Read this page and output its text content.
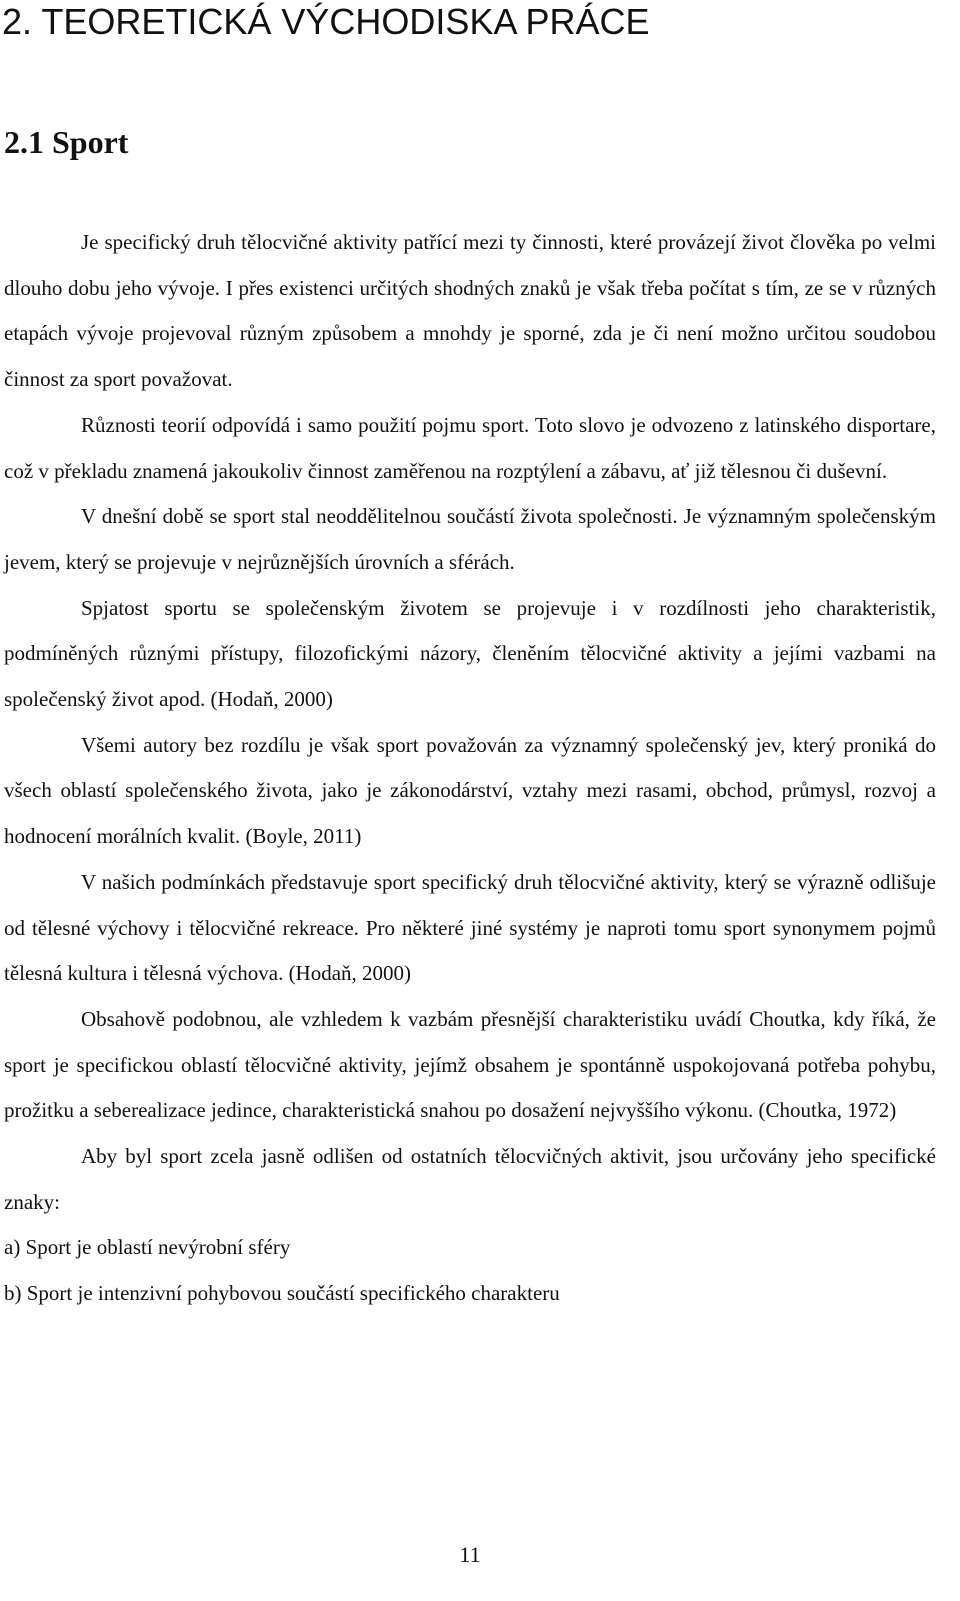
2. TEORETICKÁ VÝCHODISKA PRÁCE
2.1 Sport

Je specifický druh tělocvičné aktivity patřící mezi ty činnosti, které provázejí život člověka po velmi dlouho dobu jeho vývoje. I přes existenci určitých shodných znaků je však třeba počítat s tím, ze se v různých etapách vývoje projevoval různým způsobem a mnohdy je sporné, zda je či není možno určitou soudobou činnost za sport považovat.

Různosti teorií odpovídá i samo použití pojmu sport. Toto slovo je odvozeno z latinského disportare, což v překladu znamená jakoukoliv činnost zaměřenou na rozptýlení a zábavu, ať již tělesnou či duševní.

V dnešní době se sport stal neoddělitelnou součástí života společnosti. Je významným společenským jevem, který se projevuje v nejrůznějších úrovních a sférách.

Spjatost sportu se společenským životem se projevuje i v rozdílnosti jeho charakteristik, podmíněných různými přístupy, filozofickými názory, členěním tělocvičné aktivity a jejími vazbami na společenský život apod. (Hodaň, 2000)

Všemi autory bez rozdílu je však sport považován za významný společenský jev, který proniká do všech oblastí společenského života, jako je zákonodárství, vztahy mezi rasami, obchod, průmysl, rozvoj a hodnocení morálních kvalit. (Boyle, 2011)

V našich podmínkách představuje sport specifický druh tělocvičné aktivity, který se výrazně odlišuje od tělesné výchovy i tělocvičné rekreace. Pro některé jiné systémy je naproti tomu sport synonymem pojmů tělesná kultura i tělesná výchova. (Hodaň, 2000)

Obsahově podobnou, ale vzhledem k vazbám přesnější charakteristiku uvádí Choutka, kdy říká, že sport je specifickou oblastí tělocvičné aktivity, jejímž obsahem je spontánně uspokojovaná potřeba pohybu, prožitku a seberealizace jedince, charakteristická snahou po dosažení nejvyššího výkonu. (Choutka, 1972)

Aby byl sport zcela jasně odlišen od ostatních tělocvičných aktivit, jsou určovány jeho specifické znaky:

a) Sport je oblastí nevýrobní sféry

b) Sport je intenzivní pohybovou součástí specifického charakteru

11
